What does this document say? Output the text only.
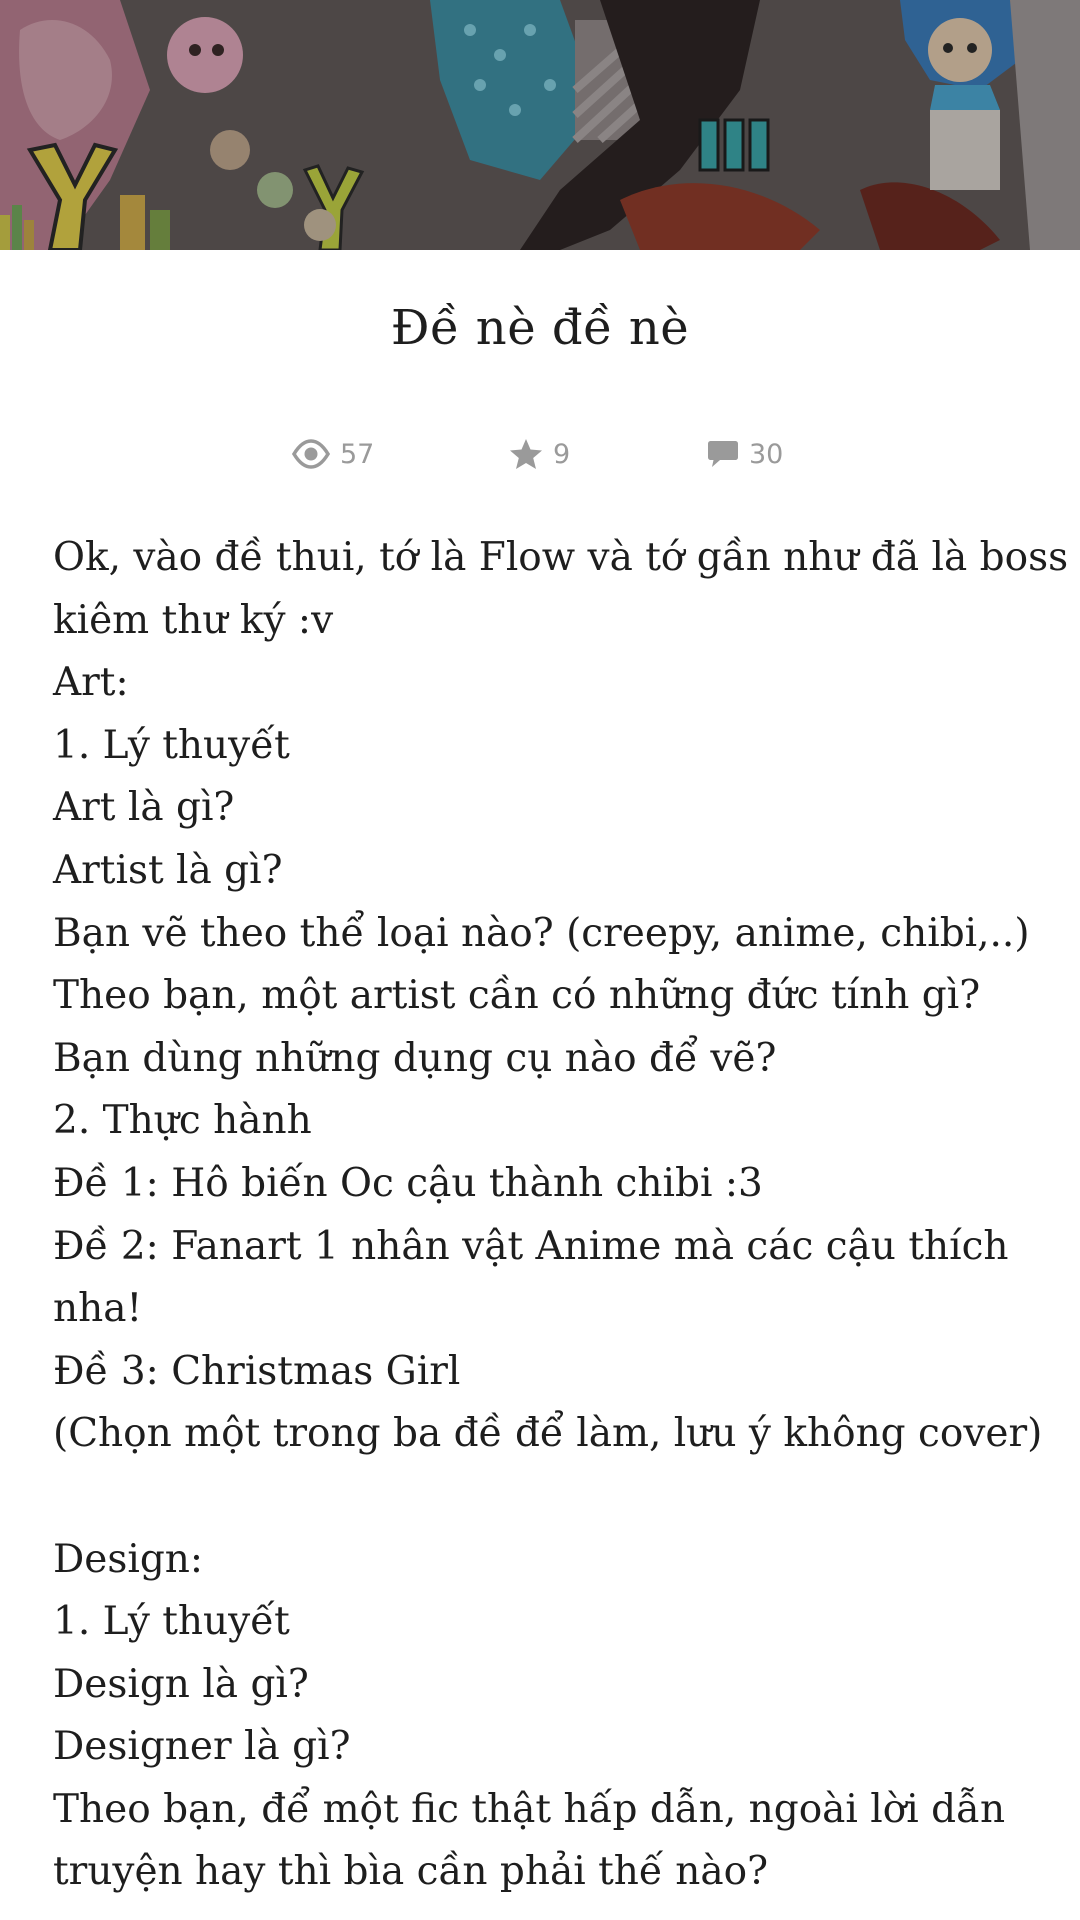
Đề nè đề nè
57	9	30
Ok, vào đề thui, tớ là Flow và tớ gần như đã là boss
kiêm thư ký :v
Art:
1. Lý thuyết
Art là gì?
Artist là gì?
Bạn vẽ theo thể loại nào? (creepy, anime, chibi,..)
Theo bạn, một artist cần có những đức tính gì?
Bạn dùng những dụng cụ nào để vẽ?
2. Thực hành
Đề 1: Hô biến Oc cậu thành chibi :3
Đề 2: Fanart 1 nhân vật Anime mà các cậu thích
nha!
Đề 3: Christmas Girl
(Chọn một trong ba đề để làm, lưu ý không cover)
Design:
1. Lý thuyết
Design là gì?
Designer là gì?
Theo bạn, để một fic thật hấp dẫn, ngoài lời dẫn
truyện hay thì bìa cần phải thế nào?
